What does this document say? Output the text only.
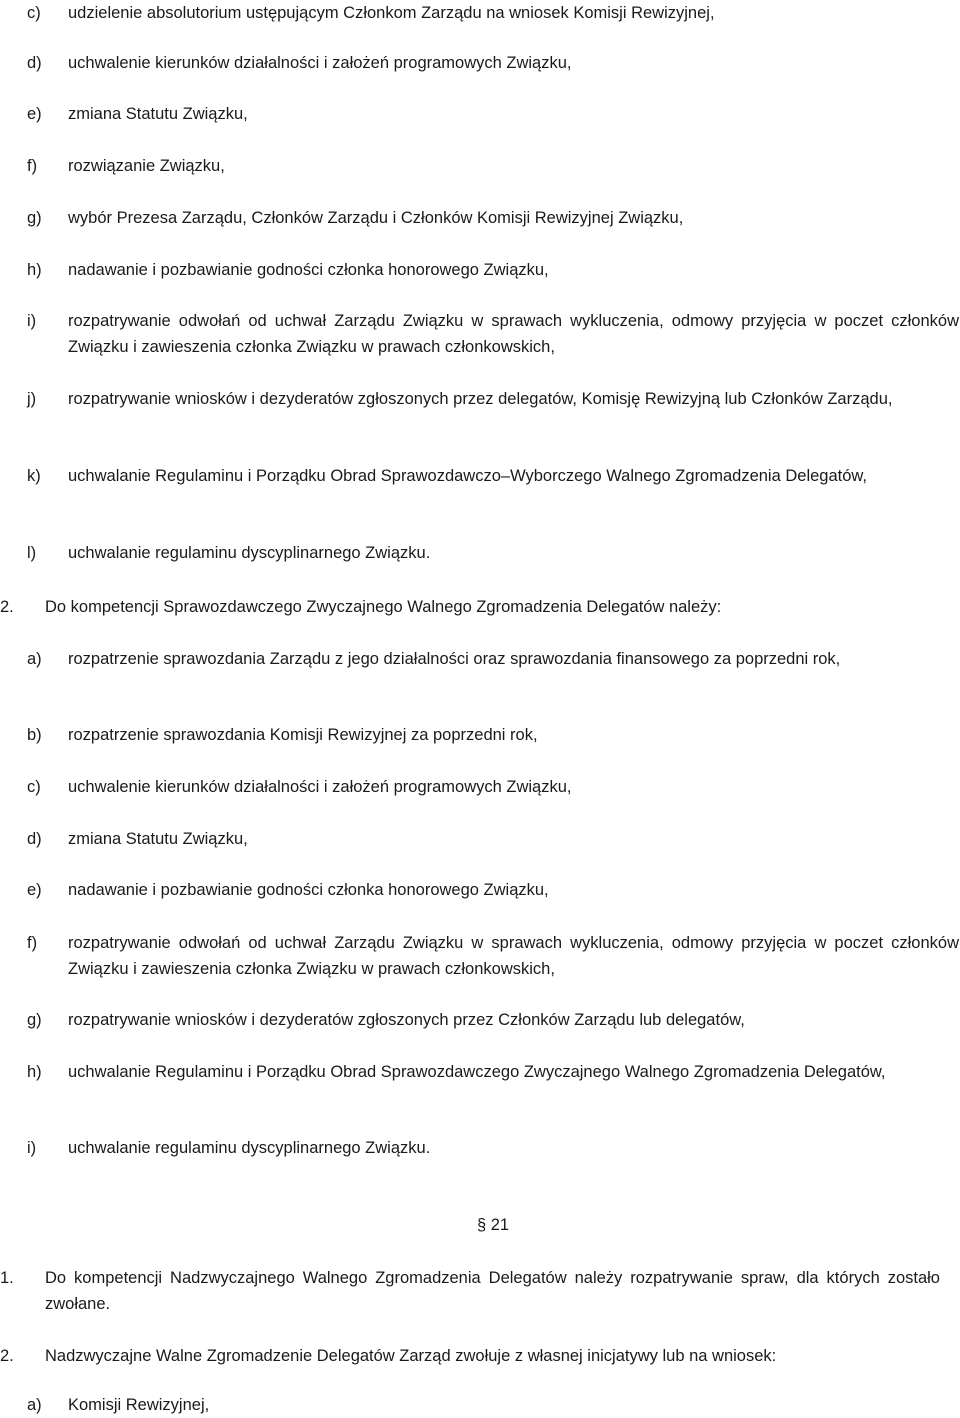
c)	udzielenie absolutorium ustępującym Członkom Zarządu na wniosek Komisji Rewizyjnej,
d)	uchwalenie kierunków działalności i założeń programowych Związku,
e)	zmiana Statutu Związku,
f)	rozwiązanie Związku,
g)	wybór Prezesa Zarządu, Członków Zarządu i Członków Komisji Rewizyjnej Związku,
h)	nadawanie i pozbawianie godności członka honorowego Związku,
i)	rozpatrywanie odwołań od uchwał Zarządu Związku w sprawach wykluczenia, odmowy przyjęcia w poczet członków Związku i zawieszenia członka Związku w prawach członkowskich,
j)	rozpatrywanie wniosków i dezyderatów zgłoszonych przez delegatów, Komisję Rewizyjną lub Członków Zarządu,
k)	uchwalanie Regulaminu i Porządku Obrad Sprawozdawczo–Wyborczego Walnego Zgromadzenia Delegatów,
l)	uchwalanie regulaminu dyscyplinarnego Związku.
2.	Do kompetencji Sprawozdawczego Zwyczajnego Walnego Zgromadzenia Delegatów należy:
a)	rozpatrzenie sprawozdania Zarządu z jego działalności oraz sprawozdania finansowego za poprzedni rok,
b)	rozpatrzenie sprawozdania Komisji Rewizyjnej za poprzedni rok,
c)	uchwalenie kierunków działalności i założeń programowych Związku,
d)	zmiana Statutu Związku,
e)	nadawanie i pozbawianie godności członka honorowego Związku,
f)	rozpatrywanie odwołań od uchwał Zarządu Związku w sprawach wykluczenia, odmowy przyjęcia w poczet członków Związku i zawieszenia członka Związku w prawach członkowskich,
g)	rozpatrywanie wniosków i dezyderatów zgłoszonych przez Członków Zarządu lub delegatów,
h)	uchwalanie Regulaminu i Porządku Obrad Sprawozdawczego Zwyczajnego Walnego Zgromadzenia Delegatów,
i)	uchwalanie regulaminu dyscyplinarnego Związku.
§ 21
1.	Do kompetencji Nadzwyczajnego Walnego Zgromadzenia Delegatów należy rozpatrywanie spraw, dla których zostało zwołane.
2.	Nadzwyczajne Walne Zgromadzenie Delegatów Zarząd zwołuje z własnej inicjatywy lub na wniosek:
a)	Komisji Rewizyjnej,
